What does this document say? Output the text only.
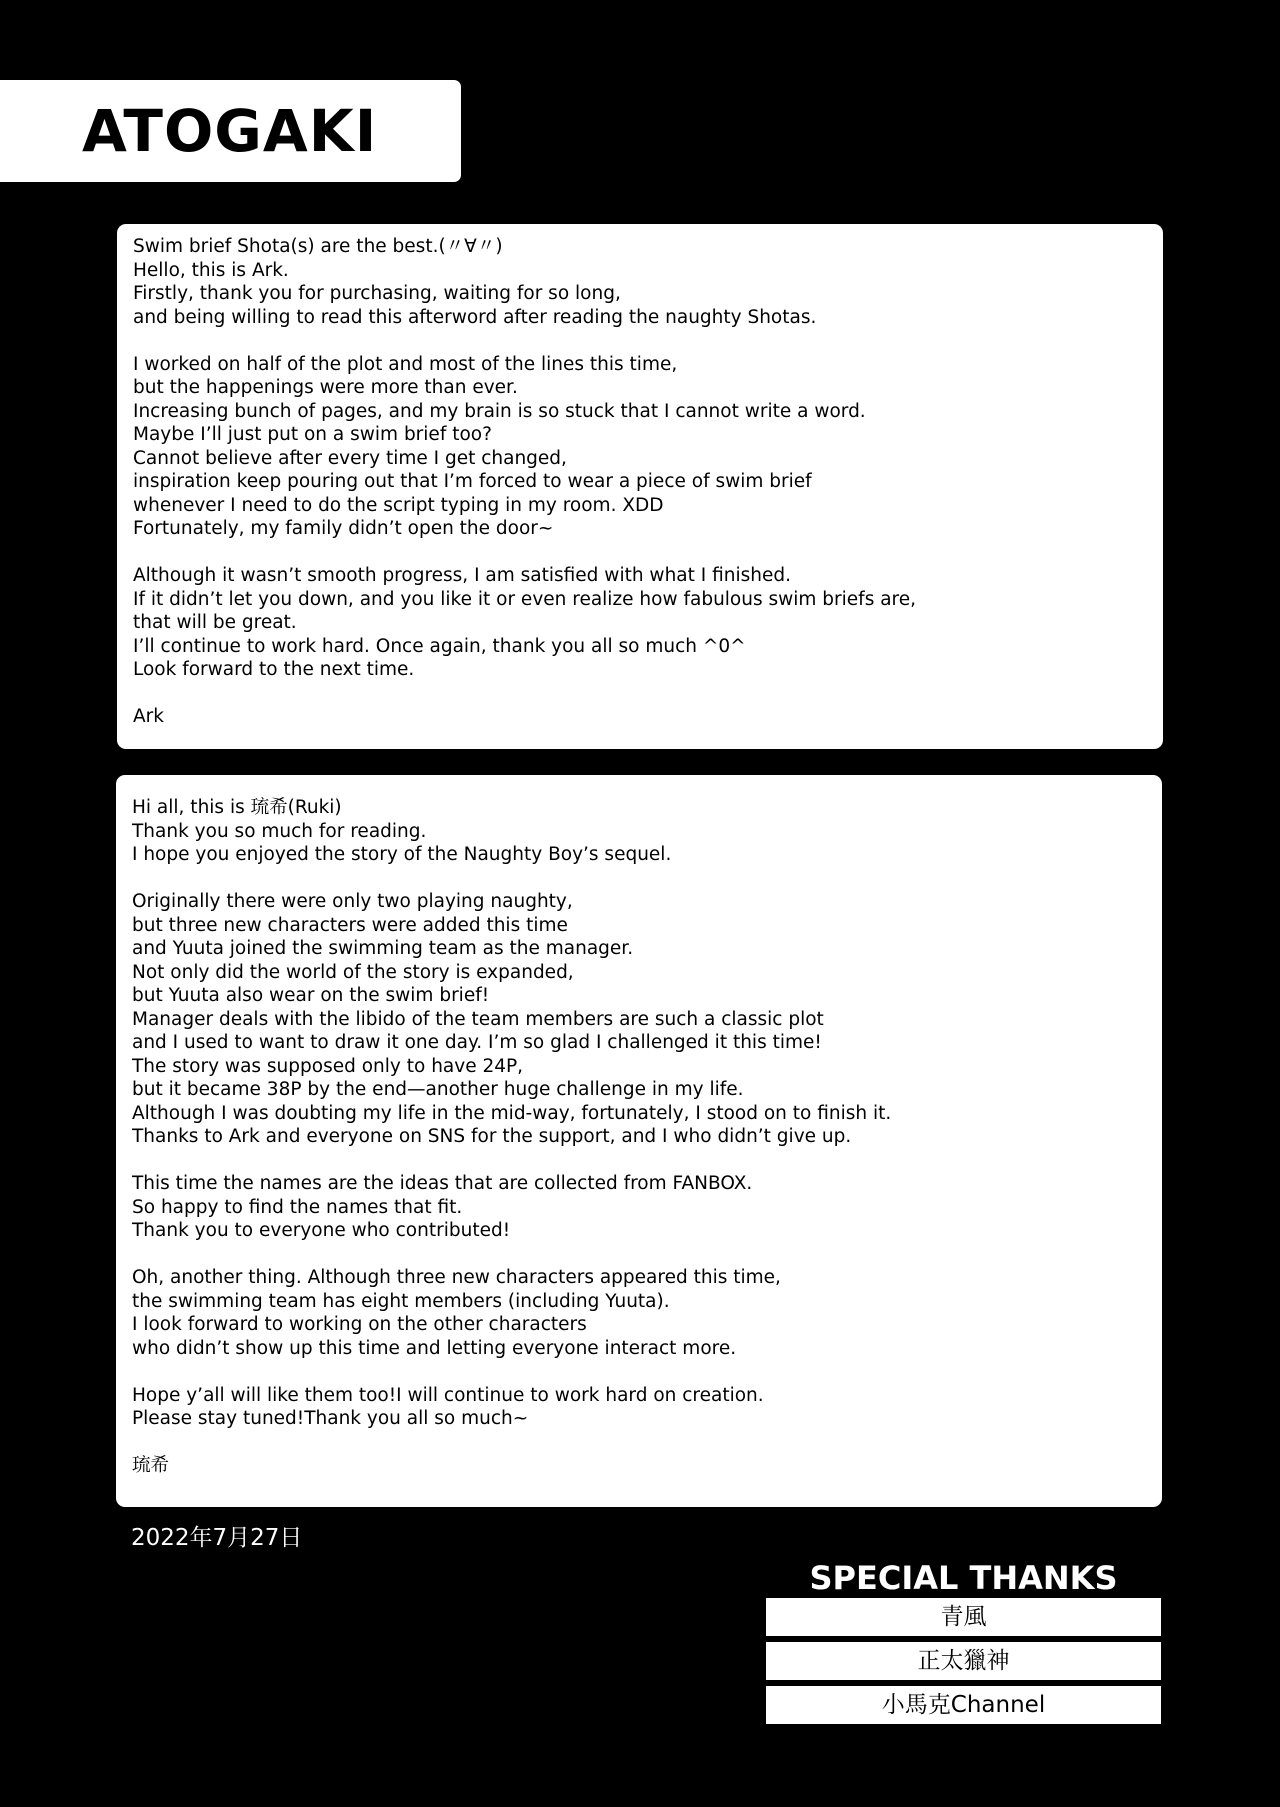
ATOGAKI
Swim brief Shota(s) are the best.(〃∀〃)
Hello, this is Ark.
Firstly, thank you for purchasing, waiting for so long,
and being willing to read this afterword after reading the naughty Shotas.
I worked on half of the plot and most of the lines this time,
but the happenings were more than ever.
Increasing bunch of pages, and my brain is so stuck that I cannot write a word.
Maybe I’ll just put on a swim brief too?
Cannot believe after every time I get changed,
inspiration keep pouring out that I’m forced to wear a piece of swim brief
whenever I need to do the script typing in my room. XDD
Fortunately, my family didn’t open the door~
Although it wasn’t smooth progress, I am satisfied with what I finished.
If it didn’t let you down, and you like it or even realize how fabulous swim briefs are,
that will be great.
I’ll continue to work hard. Once again, thank you all so much ^0^
Look forward to the next time.
Ark
Hi all, this is 琉希(Ruki)
Thank you so much for reading.
I hope you enjoyed the story of the Naughty Boy’s sequel.
Originally there were only two playing naughty,
but three new characters were added this time
and Yuuta joined the swimming team as the manager.
Not only did the world of the story is expanded,
but Yuuta also wear on the swim brief!
Manager deals with the libido of the team members are such a classic plot
and I used to want to draw it one day. I’m so glad I challenged it this time!
The story was supposed only to have 24P,
but it became 38P by the end—another huge challenge in my life.
Although I was doubting my life in the mid-way, fortunately, I stood on to finish it.
Thanks to Ark and everyone on SNS for the support, and I who didn’t give up.
This time the names are the ideas that are collected from FANBOX.
So happy to find the names that fit.
Thank you to everyone who contributed!
Oh, another thing. Although three new characters appeared this time,
the swimming team has eight members (including Yuuta).
I look forward to working on the other characters
who didn’t show up this time and letting everyone interact more.
Hope y’all will like them too!I will continue to work hard on creation.
Please stay tuned!Thank you all so much~
琉希
2022年7月27日
SPECIAL THANKS
青風
正太獵神
小馬克Channel
